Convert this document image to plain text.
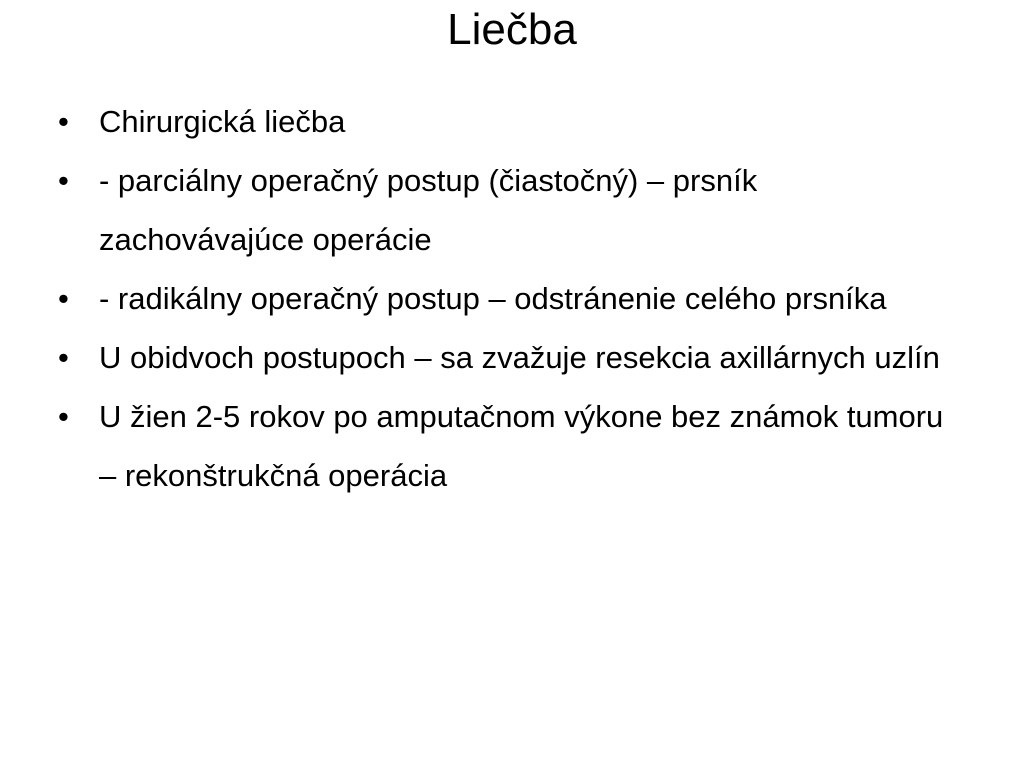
Liečba
• Chirurgická liečba
• - parciálny operačný postup (čiastočný) – prsník zachovávajúce operácie
• - radikálny operačný postup – odstránenie celého prsníka
• U obidvoch postupoch – sa zvažuje resekcia axillárnych uzlín
• U žien 2-5 rokov po amputačnom výkone bez známok tumoru – rekonštrukčná operácia
